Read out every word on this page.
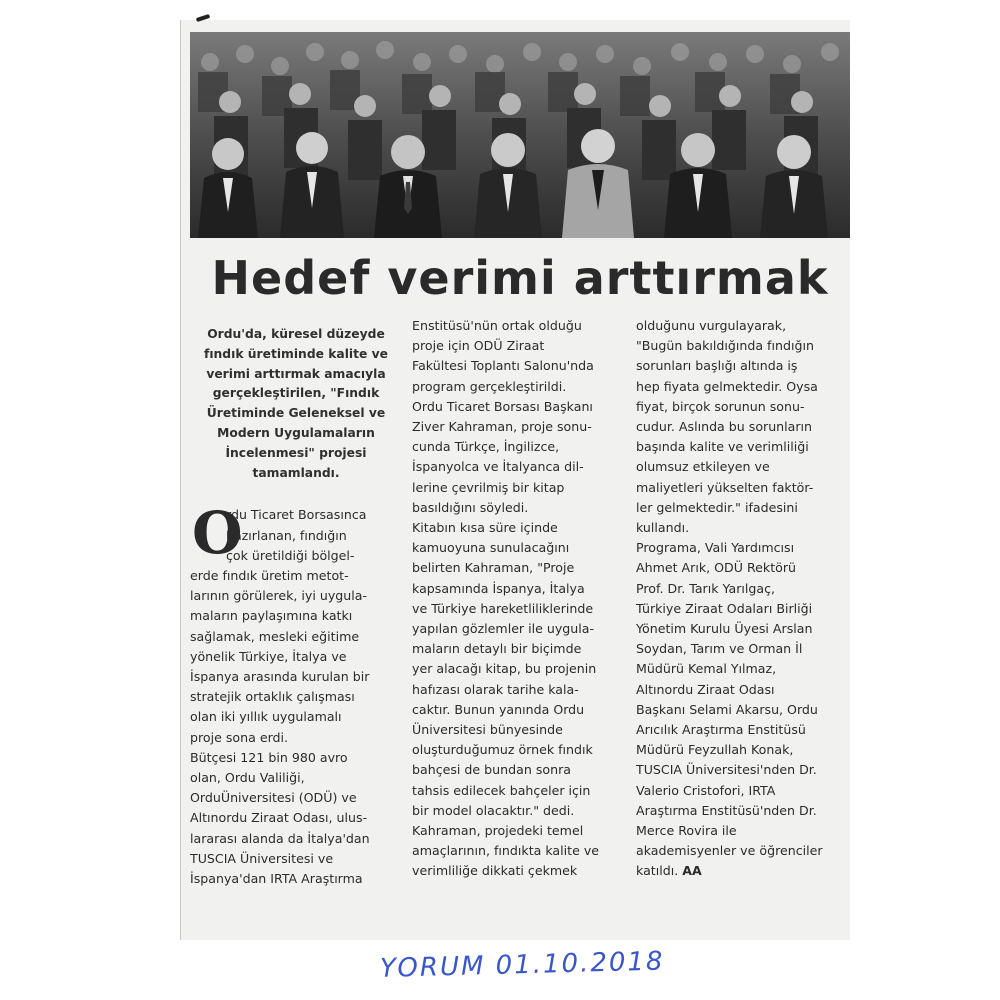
Hedef verimi arttırmak
Ordu'da, küresel düzeyde
fındık üretiminde kalite ve
verimi arttırmak amacıyla
gerçekleştirilen, "Fındık
Üretiminde Geleneksel ve
Modern Uygulamaların
İncelenmesi" projesi
tamamlandı.
O
rdu Ticaret Borsasınca
hazırlanan, fındığın
çok üretildiği bölgel-
erde fındık üretim metot-
larının görülerek, iyi uygula-
maların paylaşımına katkı
sağlamak, mesleki eğitime
yönelik Türkiye, İtalya ve
İspanya arasında kurulan bir
stratejik ortaklık çalışması
olan iki yıllık uygulamalı
proje sona erdi.
Bütçesi 121 bin 980 avro
olan, Ordu Valiliği,
OrduÜniversitesi (ODÜ) ve
Altınordu Ziraat Odası, ulus-
lararası alanda da İtalya'dan
TUSCIA Üniversitesi ve
İspanya'dan IRTA Araştırma
Enstitüsü'nün ortak olduğu
proje için ODÜ Ziraat
Fakültesi Toplantı Salonu'nda
program gerçekleştirildi.
Ordu Ticaret Borsası Başkanı
Ziver Kahraman, proje sonu-
cunda Türkçe, İngilizce,
İspanyolca ve İtalyanca dil-
lerine çevrilmiş bir kitap
basıldığını söyledi.
Kitabın kısa süre içinde
kamuoyuna sunulacağını
belirten Kahraman, "Proje
kapsamında İspanya, İtalya
ve Türkiye hareketliliklerinde
yapılan gözlemler ile uygula-
maların detaylı bir biçimde
yer alacağı kitap, bu projenin
hafızası olarak tarihe kala-
caktır. Bunun yanında Ordu
Üniversitesi bünyesinde
oluşturduğumuz örnek fındık
bahçesi de bundan sonra
tahsis edilecek bahçeler için
bir model olacaktır." dedi.
Kahraman, projedeki temel
amaçlarının, fındıkta kalite ve
verimliliğe dikkati çekmek
olduğunu vurgulayarak,
"Bugün bakıldığında fındığın
sorunları başlığı altında iş
hep fiyata gelmektedir. Oysa
fiyat, birçok sorunun sonu-
cudur. Aslında bu sorunların
başında kalite ve verimliliği
olumsuz etkileyen ve
maliyetleri yükselten faktör-
ler gelmektedir." ifadesini
kullandı.
Programa, Vali Yardımcısı
Ahmet Arık, ODÜ Rektörü
Prof. Dr. Tarık Yarılgaç,
Türkiye Ziraat Odaları Birliği
Yönetim Kurulu Üyesi Arslan
Soydan, Tarım ve Orman İl
Müdürü Kemal Yılmaz,
Altınordu Ziraat Odası
Başkanı Selami Akarsu, Ordu
Arıcılık Araştırma Enstitüsü
Müdürü Feyzullah Konak,
TUSCIA Üniversitesi'nden Dr.
Valerio Cristofori, IRTA
Araştırma Enstitüsü'nden Dr.
Merce Rovira ile
akademisyenler ve öğrenciler
katıldı. AA
YORUM 01.10.2018
